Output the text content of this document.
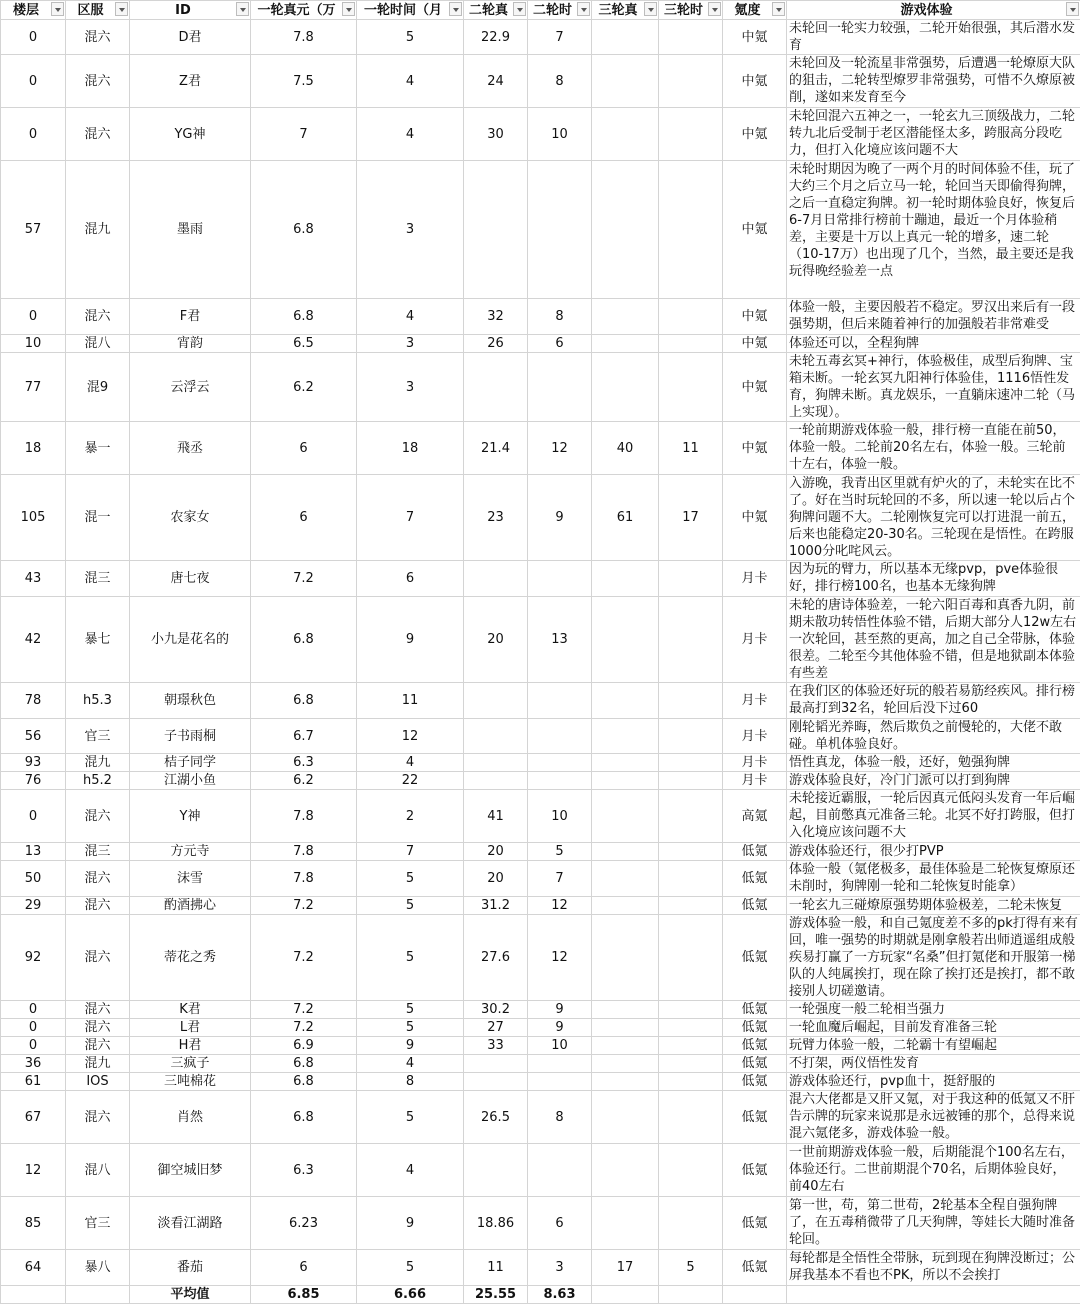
楼层	区服	ID	一轮真元（万	一轮时间（月	二轮真	二轮时	三轮真	三轮时	氪度	游戏体验

0	混六	D君	7.8	5	22.9	7			中氪	未轮回一轮实力较强，二轮开始很强，其后潜水发育
0	混六	Z君	7.5	4	24	8			中氪	未轮回及一轮流星非常强势，后遭遇一轮燎原大队的狙击，二轮转型燎罗非常强势，可惜不久燎原被削，遂如来发育至今
0	混六	YG神	7	4	30	10			中氪	未轮回混六五神之一，一轮玄九三顶级战力，二轮转九北后受制于老区潜能怪太多，跨服高分段吃力，但打入化境应该问题不大
57	混九	墨雨	6.8	3					中氪	未轮时期因为晚了一两个月的时间体验不佳，玩了大约三个月之后立马一轮，轮回当天即偷得狗牌，之后一直稳定狗牌。初一轮时期体验良好，恢复后6-7月日常排行榜前十蹦迪，最近一个月体验稍差，主要是十万以上真元一轮的增多，速二轮（10-17万）也出现了几个，当然，最主要还是我玩得晚经验差一点
0	混六	F君	6.8	4	32	8			中氪	体验一般，主要因般若不稳定。罗汉出来后有一段强势期，但后来随着神行的加强般若非常难受
10	混八	宵韵	6.5	3	26	6			中氪	体验还可以，全程狗牌
77	混9	云浮云	6.2	3					中氪	未轮五毒玄冥+神行，体验极佳，成型后狗牌、宝箱未断。一轮玄冥九阳神行体验佳，1116悟性发育，狗牌未断。真龙娱乐，一直躺床速冲二轮（马上实现）。
18	暴一	飛丞	6	18	21.4	12	40	11	中氪	一轮前期游戏体验一般，排行榜一直能在前50，体验一般。二轮前20名左右，体验一般。三轮前十左右，体验一般。
105	混一	农家女	6	7	23	9	61	17	中氪	入游晚，我青出区里就有炉火的了，未轮实在比不了。好在当时玩轮回的不多，所以速一轮以后占个狗牌问题不大。二轮刚恢复完可以打进混一前五，后来也能稳定20-30名。三轮现在是悟性。在跨服1000分叱咤风云。
43	混三	唐七夜	7.2	6					月卡	因为玩的臂力，所以基本无缘pvp，pve体验很好，排行榜100名，也基本无缘狗牌
42	暴七	小九是花名的	6.8	9	20	13			月卡	未轮的唐诗体验差，一轮六阳百毒和真香九阴，前期未散功转悟性体验不错，后期大部分人12w左右一次轮回，甚至熬的更高，加之自己全带脉，体验很差。二轮至今其他体验不错，但是地狱副本体验有些差
78	h5.3	朝璟秋色	6.8	11					月卡	在我们区的体验还好玩的般若易筋经疾风。排行榜最高打到32名，轮回后没下过60
56	官三	子书雨桐	6.7	12					月卡	刚轮韬光养晦，然后欺负之前慢轮的，大佬不敢碰。单机体验良好。
93	混九	桔子同学	6.3	4					月卡	悟性真龙，体验一般，还好，勉强狗牌
76	h5.2	江湖小鱼	6.2	22					月卡	游戏体验良好，冷门门派可以打到狗牌
0	混六	Y神	7.8	2	41	10			高氪	未轮接近霸服，一轮后因真元低闷头发育一年后崛起，目前憋真元准备三轮。北冥不好打跨服，但打入化境应该问题不大
13	混三	方元寺	7.8	7	20	5			低氪	游戏体验还行，很少打PVP
50	混六	沫雪	7.8	5	20	7			低氪	体验一般（氪佬极多，最佳体验是二轮恢复燎原还未削时，狗牌刚一轮和二轮恢复时能拿）
29	混六	酌酒拂心	7.2	5	31.2	12			低氪	一轮玄九三碰燎原强势期体验极差，二轮未恢复
92	混六	蒂花之秀	7.2	5	27.6	12			低氪	游戏体验一般，和自己氪度差不多的pk打得有来有回，唯一强势的时期就是刚拿般若出师逍遥组成般疾易打赢了一方玩家“名桑”但打氪佬和开服第一梯队的人纯属挨打，现在除了挨打还是挨打，都不敢接别人切磋邀请。
0	混六	K君	7.2	5	30.2	9			低氪	一轮强度一般二轮相当强力
0	混六	L君	7.2	5	27	9			低氪	一轮血魔后崛起，目前发育准备三轮
0	混六	H君	6.9	9	33	10			低氪	玩臂力体验一般，二轮霸十有望崛起
36	混九	三疯子	6.8	4					低氪	不打架，两仪悟性发育
61	IOS	三吨棉花	6.8	8					低氪	游戏体验还行，pvp血十，挺舒服的
67	混六	肖然	6.8	5	26.5	8			低氪	混六大佬都是又肝又氪，对于我这种的低氪又不肝告示牌的玩家来说那是永远被锤的那个，总得来说混六氪佬多，游戏体验一般。
12	混八	御空城旧梦	6.3	4					低氪	一世前期游戏体验一般，后期能混个100名左右，体验还行。二世前期混个70名，后期体验良好，前40左右
85	官三	淡看江湖路	6.23	9	18.86	6			低氪	第一世，苟，第二世苟，2轮基本全程自强狗牌了，在五毒稍微带了几天狗牌，等娃长大随时准备轮回。
64	暴八	番茄	6	5	11	3	17	5	低氪	每轮都是全悟性全带脉，玩到现在狗牌没断过；公屏我基本不看也不PK，所以不会挨打
		平均值	6.85	6.66	25.55	8.63				
